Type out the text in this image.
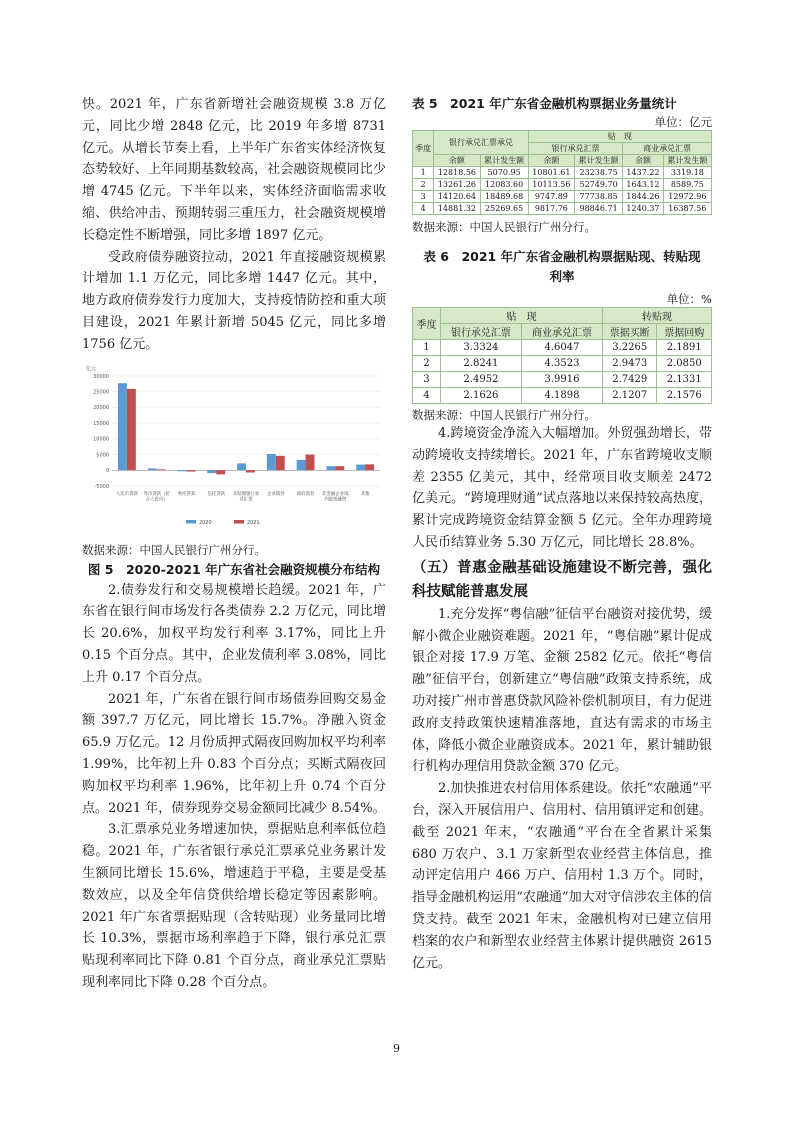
快。2021 年，广东省新增社会融资规模 3.8 万亿元，同比少增 2848 亿元，比 2019 年多增 8731 亿元。从增长节奏上看，上半年广东省实体经济恢复态势较好、上年同期基数较高，社会融资规模同比少增 4745 亿元。下半年以来，实体经济面临需求收缩、供给冲击、预期转弱三重压力，社会融资规模增长稳定性不断增强，同比多增 1897 亿元。

受政府债券融资拉动，2021 年直接融资规模累计增加 1.1 万亿元，同比多增 1447 亿元。其中，地方政府债券发行力度加大，支持疫情防控和重大项目建设，2021 年累计新增 5045 亿元，同比多增 1756 亿元。

亿元
30000
25000
20000
15000
10000
5000
0
-5000
人民币贷款 外币贷款（折合人民币）
委托贷款	信托贷款 未贴现银行承兑汇票
企业债券	政府债券 非金融企业境内股票融资
其他
2020	2021

数据来源：中国人民银行广州分行。

图 5　2020-2021 年广东省社会融资规模分布结构

2.债券发行和交易规模增长趋缓。2021 年，广东省在银行间市场发行各类债券 2.2 万亿元，同比增长 20.6%，加权平均发行利率 3.17%，同比上升 0.15 个百分点。其中，企业发债利率 3.08%，同比上升 0.17 个百分点。

2021 年，广东省在银行间市场债券回购交易金额 397.7 万亿元，同比增长 15.7%。净融入资金 65.9 万亿元。12 月份质押式隔夜回购加权平均利率 1.99%，比年初上升 0.83 个百分点；买断式隔夜回购加权平均利率 1.96%，比年初上升 0.74 个百分点。2021 年，债券现券交易金额同比减少 8.54%。

3.汇票承兑业务增速加快，票据贴息利率低位趋稳。2021 年，广东省银行承兑汇票承兑业务累计发生额同比增长 15.6%，增速趋于平稳，主要是受基数效应，以及全年信贷供给增长稳定等因素影响。2021 年广东省票据贴现（含转贴现）业务量同比增长 10.3%，票据市场利率趋于下降，银行承兑汇票贴现利率同比下降 0.81 个百分点，商业承兑汇票贴现利率同比下降 0.28 个百分点。

表 5　2021 年广东省金融机构票据业务量统计

单位：亿元

季度	银行承兑汇票承兑		贴　现			
			银行承兑汇票		商业承兑汇票	
	余额	累计发生额	余额	累计发生额	余额	累计发生额
1	12818.56	5070.95	10801.61	23238.75	1437.22	3319.18
2	13261.26	12083.60	10113.56	52749.70	1643.12	8589.75
3	14120.64	18489.68	9747.89	77738.85	1844.26	12972.96
4	14881.32	25269.65	9817.76	98846.71	1240.37	16387.56

数据来源：中国人民银行广州分行。

表 6　2021 年广东省金融机构票据贴现、转贴现
利率

单位：%

季度	贴　现		转贴现	
	银行承兑汇票	商业承兑汇票	票据买断	票据回购
1	3.3324	4.6047	3.2265	2.1891
2	2.8241	4.3523	2.9473	2.0850
3	2.4952	3.9916	2.7429	2.1331
4	2.1626	4.1898	2.1207	2.1576

数据来源：中国人民银行广州分行。

4.跨境资金净流入大幅增加。外贸强劲增长，带动跨境收支持续增长。2021 年，广东省跨境收支顺差 2355 亿美元，其中，经常项目收支顺差 2472 亿美元。“跨境理财通”试点落地以来保持较高热度，累计完成跨境资金结算金额 5 亿元。全年办理跨境人民币结算业务 5.30 万亿元，同比增长 28.8%。

（五）普惠金融基础设施建设不断完善，强化科技赋能普惠发展

1.充分发挥“粤信融”征信平台融资对接优势，缓解小微企业融资难题。2021 年，“粤信融”累计促成银企对接 17.9 万笔、金额 2582 亿元。依托“粤信融”征信平台，创新建立“粤信融”政策支持系统，成功对接广州市普惠贷款风险补偿机制项目，有力促进政府支持政策快速精准落地，直达有需求的市场主体，降低小微企业融资成本。2021 年，累计辅助银行机构办理信用贷款金额 370 亿元。

2.加快推进农村信用体系建设。依托“农融通”平台，深入开展信用户、信用村、信用镇评定和创建。截至 2021 年末，“农融通”平台在全省累计采集 680 万农户、3.1 万家新型农业经营主体信息，推动评定信用户 466 万户、信用村 1.3 万个。同时，指导金融机构运用“农融通”加大对守信涉农主体的信贷支持。截至 2021 年末，金融机构对已建立信用档案的农户和新型农业经营主体累计提供融资 2615 亿元。

9
